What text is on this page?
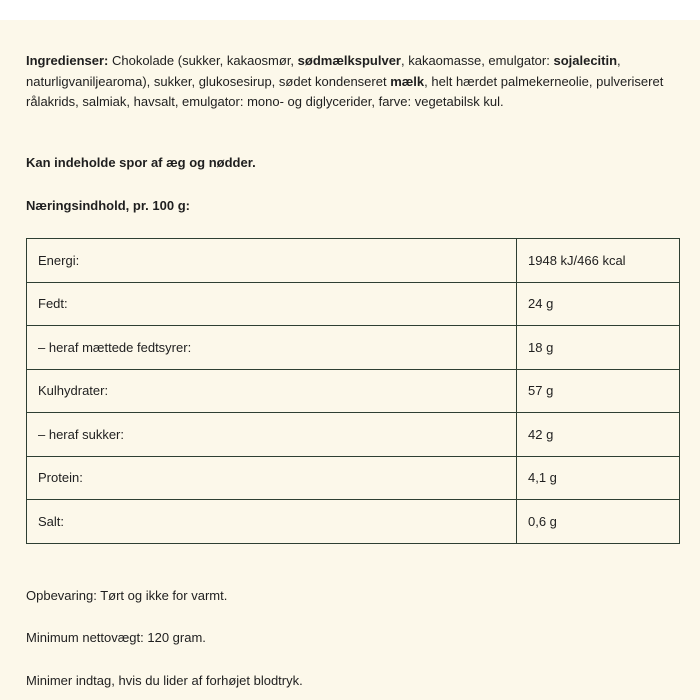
Ingredienser: Chokolade (sukker, kakaosmør, sødmælkspulver, kakaomasse, emulgator: sojalecitin, naturligvaniljearoma), sukker, glukosesirup, sødet kondenseret mælk, helt hærdet palmekerneolie, pulveriseret rålakrids, salmiak, havsalt, emulgator: mono- og diglycerider, farve: vegetabilsk kul.

Kan indeholde spor af æg og nødder.

Næringsindhold, pr. 100 g:

Energi:	1948 kJ/466 kcal
Fedt:	24 g
– heraf mættede fedtsyrer:	18 g
Kulhydrater:	57 g
– heraf sukker:	42 g
Protein:	4,1 g
Salt:	0,6 g

Opbevaring: Tørt og ikke for varmt.

Minimum nettovægt: 120 gram.

Minimer indtag, hvis du lider af forhøjet blodtryk.
